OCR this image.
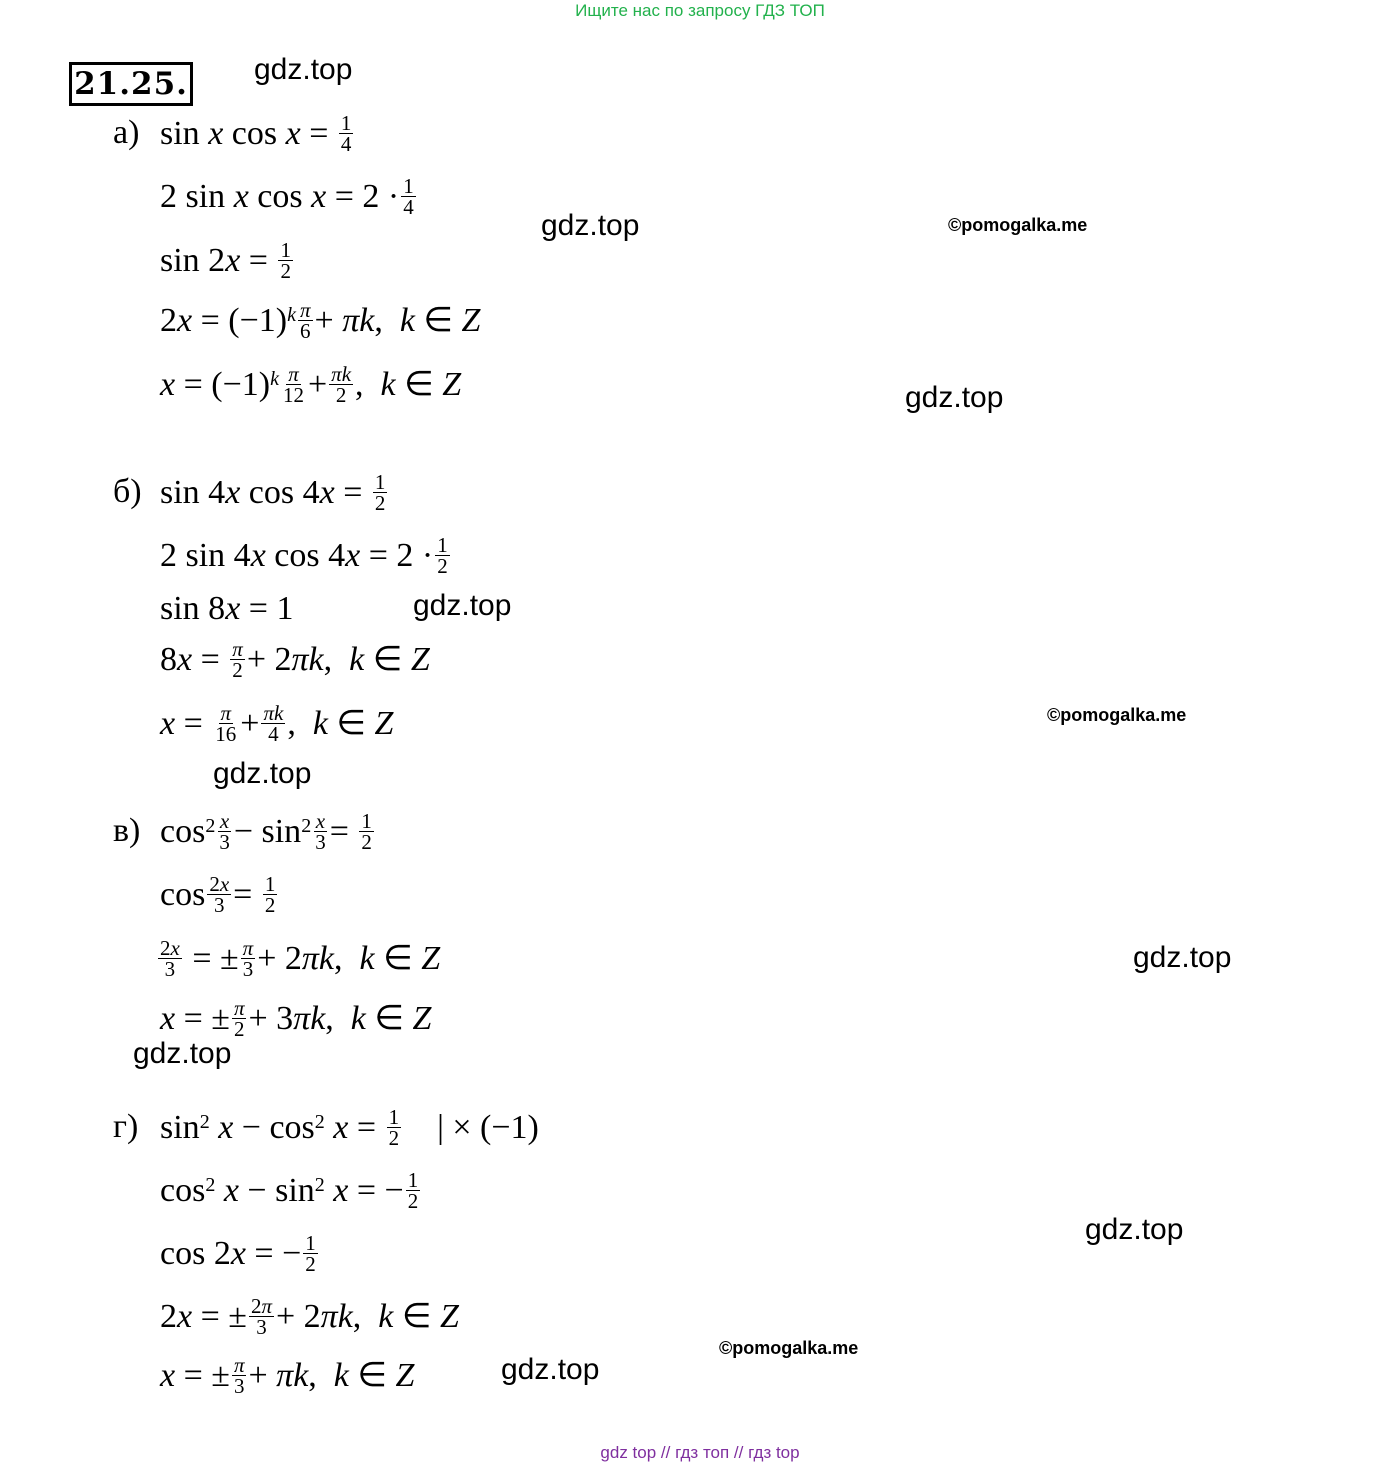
Ищите нас по запросу ГДЗ ТОП
21.25. gdz.top
gdz.top
gdz.top
gdz.top
gdz.top
gdz.top
gdz.top
gdz.top
gdz.top
©pomogalka.me
©pomogalka.me
©pomogalka.me
а) sin x $\cos x = \frac{1}{4}$
2 sin x $\cos x = 2 \cdot \frac{1}{4}$
sin 2 $x = \frac{1}{2}$
2 $x = (-1)^k \frac{\pi}{6} + \pi k$ , k ∈ Z
$x = (-1)^k \frac{\pi}{12} + \frac{\pi k}{2}$ , k ∈ Z
б) sin 4 x cos 4 $x = \frac{1}{2}$
2 sin 4 x cos 4 $x = 2 \cdot \frac{1}{2}$
sin 8 x = 1
8 $x = \frac{\pi}{2} + 2$ πk , k ∈ Z
$x = \frac{\pi}{16} + \frac{\pi k}{4}$ , k ∈ Z
в) $\cos^2 \frac{x}{3} - \sin^2 \frac{x}{3} = \frac{1}{2}$
$\cos \frac{2x}{3} = \frac{1}{2}$
$\frac{2x}{3}$ = ± $\frac{\pi}{3} + 2$ πk , k ∈ Z
x = ± $\frac{\pi}{2} + 3$ πk , k ∈ Z
г) $\sin^2$
$x - \cos^2$
$x = \frac{1}{2}$ | × (−1)
$\cos^2$
$x - \sin^2$
x = − $\frac{1}{2}$
cos 2 x = − $\frac{1}{2}$
2 x = ± $\frac{2\pi}{3} + 2$ πk , k ∈ Z
x = ± $\frac{\pi}{3} + \pi k$ , k ∈ Z
gdz top // гдз топ // гдз top
